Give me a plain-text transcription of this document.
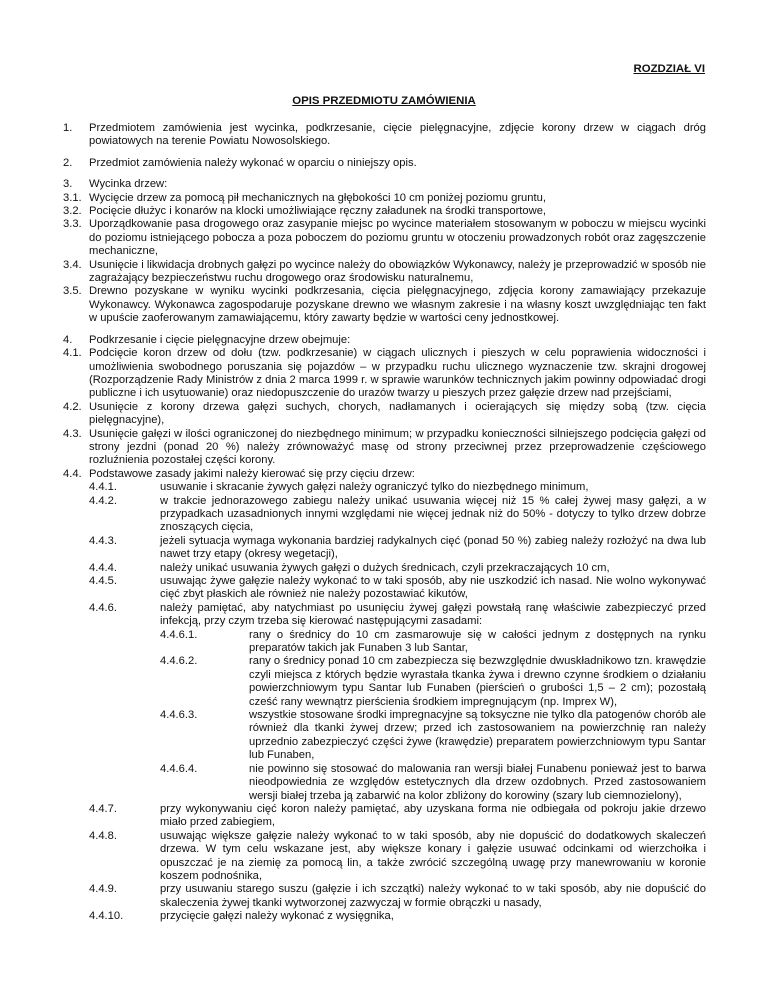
ROZDZIAŁ VI
OPIS PRZEDMIOTU ZAMÓWIENIA
1.	Przedmiotem zamówienia jest wycinka, podkrzesanie, cięcie pielęgnacyjne, zdjęcie korony drzew w ciągach dróg powiatowych na terenie Powiatu Nowosolskiego.
2.	Przedmiot zamówienia należy wykonać w oparciu o niniejszy opis.
3.	Wycinka drzew:
3.1. Wycięcie drzew za pomocą pił mechanicznych na głębokości 10 cm poniżej poziomu gruntu,
3.2. Pocięcie dłużyc i konarów na klocki umożliwiające ręczny załadunek na środki transportowe,
3.3. Uporządkowanie pasa drogowego oraz zasypanie miejsc po wycince materiałem stosowanym w poboczu w miejscu wycinki do poziomu istniejącego pobocza a poza poboczem do poziomu gruntu w otoczeniu prowadzonych robót oraz zagęszczenie mechaniczne,
3.4. Usunięcie i likwidacja drobnych gałęzi po wycince należy do obowiązków Wykonawcy, należy je przeprowadzić w sposób nie zagrażający bezpieczeństwu ruchu drogowego oraz środowisku naturalnemu,
3.5. Drewno pozyskane w wyniku wycinki podkrzesania, cięcia pielęgnacyjnego, zdjęcia korony zamawiający przekazuje Wykonawcy. Wykonawca zagospodaruje pozyskane drewno we własnym zakresie i na własny koszt uwzględniając ten fakt w upuście zaoferowanym zamawiającemu, który zawarty będzie w wartości ceny jednostkowej.
4.	Podkrzesanie i cięcie pielęgnacyjne drzew obejmuje:
4.1. Podcięcie koron drzew od dołu (tzw. podkrzesanie) w ciągach ulicznych i pieszych w celu poprawienia widoczności i umożliwienia swobodnego poruszania się pojazdów – w przypadku ruchu ulicznego wyznaczenie tzw. skrajni drogowej (Rozporządzenie Rady Ministrów z dnia 2 marca 1999 r. w sprawie warunków technicznych jakim powinny odpowiadać drogi publiczne i ich usytuowanie) oraz niedopuszczenie do urazów twarzy u pieszych przez gałęzie drzew nad przejściami,
4.2. Usunięcie z korony drzewa gałęzi suchych, chorych, nadłamanych i ocierających się między sobą (tzw. cięcia pielęgnacyjne),
4.3. Usunięcie gałęzi w ilości ograniczonej do niezbędnego minimum; w przypadku konieczności silniejszego podcięcia gałęzi od strony jezdni (ponad 20 %) należy zrównoważyć masę od strony przeciwnej przez przeprowadzenie częściowego rozluźnienia pozostałej części korony.
4.4. Podstawowe zasady jakimi należy kierować się przy cięciu drzew:
4.4.1.	usuwanie i skracanie żywych gałęzi należy ograniczyć tylko do niezbędnego minimum,
4.4.2.	w trakcie jednorazowego zabiegu należy unikać usuwania więcej niż 15 % całej żywej masy gałęzi, a w przypadkach uzasadnionych innymi względami nie więcej jednak niż do 50% - dotyczy to tylko drzew dobrze znoszących cięcia,
4.4.3.	jeżeli sytuacja wymaga wykonania bardziej radykalnych cięć (ponad 50 %) zabieg należy rozłożyć na dwa lub nawet trzy etapy (okresy wegetacji),
4.4.4.	należy unikać usuwania żywych gałęzi o dużych średnicach, czyli przekraczających 10 cm,
4.4.5.	usuwając żywe gałęzie należy wykonać to w taki sposób, aby nie uszkodzić ich nasad. Nie wolno wykonywać cięć zbyt płaskich ale również nie należy pozostawiać kikutów,
4.4.6.	należy pamiętać, aby natychmiast po usunięciu żywej gałęzi powstałą ranę właściwie zabezpieczyć przed infekcją, przy czym trzeba się kierować następującymi zasadami:
4.4.6.1.	rany o średnicy do 10 cm zasmarowuje się w całości jednym z dostępnych na rynku preparatów takich jak Funaben 3 lub Santar,
4.4.6.2.	rany o średnicy ponad 10 cm zabezpiecza się bezwzględnie dwuskładnikowo tzn. krawędzie czyli miejsca z których będzie wyrastała tkanka żywa i drewno czynne środkiem o działaniu powierzchniowym typu Santar lub Funaben (pierścień o grubości 1,5 – 2 cm); pozostałą cześć rany wewnątrz pierścienia środkiem impregnującym (np. Imprex W),
4.4.6.3.	wszystkie stosowane środki impregnacyjne są toksyczne nie tylko dla patogenów chorób ale również dla tkanki żywej drzew; przed ich zastosowaniem na powierzchnię ran należy uprzednio zabezpieczyć części żywe (krawędzie) preparatem powierzchniowym typu Santar lub Funaben,
4.4.6.4.	nie powinno się stosować do malowania ran wersji białej Funabenu ponieważ jest to barwa nieodpowiednia ze względów estetycznych dla drzew ozdobnych. Przed zastosowaniem wersji białej trzeba ją zabarwić na kolor zbliżony do korowiny (szary lub ciemnozielony),
4.4.7.	przy wykonywaniu cięć koron należy pamiętać, aby uzyskana forma nie odbiegała od pokroju jakie drzewo miało przed zabiegiem,
4.4.8.	usuwając większe gałęzie należy wykonać to w taki sposób, aby nie dopuścić do dodatkowych skaleczeń drzewa. W tym celu wskazane jest, aby większe konary i gałęzie usuwać odcinkami od wierzchołka i opuszczać je na ziemię za pomocą lin, a także zwrócić szczególną uwagę przy manewrowaniu w koronie koszem podnośnika,
4.4.9.	przy usuwaniu starego suszu (gałęzie i ich szczątki) należy wykonać to w taki sposób, aby nie dopuścić do skaleczenia żywej tkanki wytworzonej zazwyczaj w formie obrączki u nasady,
4.4.10.	przycięcie gałęzi należy wykonać z wysięgnika,
